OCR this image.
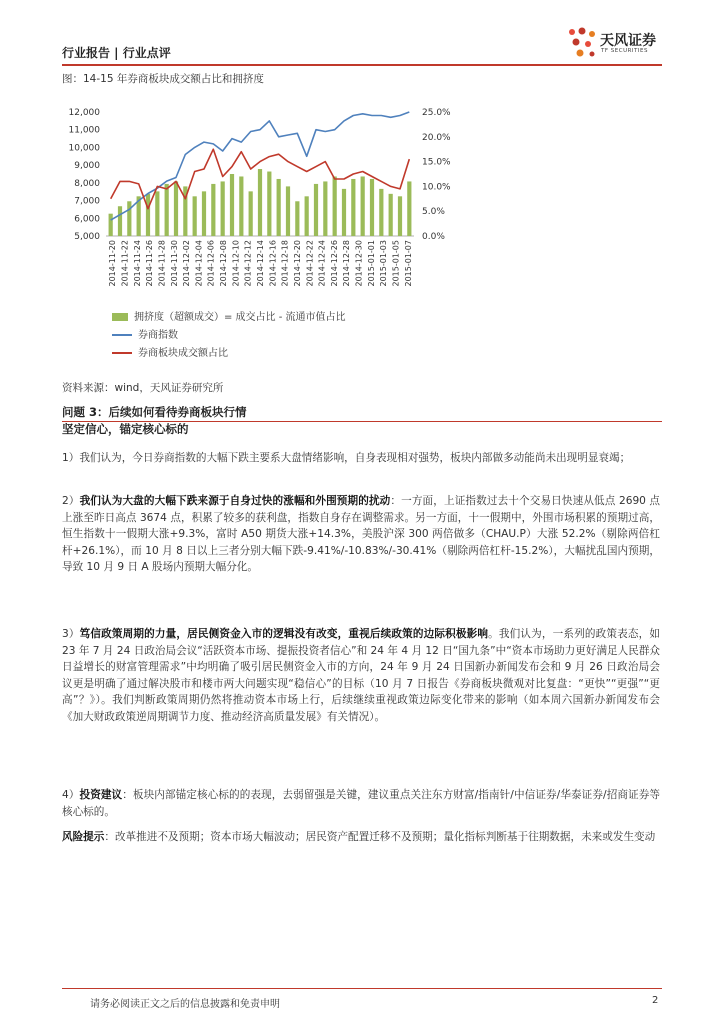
行业报告 | 行业点评
天风证券
TF SECURITIES
图：14-15 年券商板块成交额占比和拥挤度
5,000
6,000
7,000
8,000
9,000
10,000
11,000
12,000
0.0%
5.0%
10.0%
15.0%
20.0%
25.0%
2014-11-20 2014-11-22 2014-11-24 2014-11-26 2014-11-28 2014-11-30 2014-12-02 2014-12-04 2014-12-06 2014-12-08 2014-12-10 2014-12-12 2014-12-14 2014-12-16 2014-12-18 2014-12-20 2014-12-22 2014-12-24 2014-12-26 2014-12-28 2014-12-30 2015-01-01 2015-01-03 2015-01-05 2015-01-07
拥挤度（超额成交）= 成交占比 - 流通市值占比
券商指数
券商板块成交额占比
资料来源：wind，天风证券研究所
问题 3：后续如何看待券商板块行情
坚定信心，锚定核心标的
1）我们认为，今日券商指数的大幅下跌主要系大盘情绪影响，自身表现相对强势，板块内部做多动能尚未出现明显衰竭；
2）我们认为大盘的大幅下跌来源于自身过快的涨幅和外围预期的扰动：一方面，上证指数过去十个交易日快速从低点 2690 点上涨至昨日高点 3674 点，积累了较多的获利盘，指数自身存在调整需求。另一方面，十一假期中，外围市场积累的预期过高，恒生指数十一假期大涨+9.3%，富时 A50 期货大涨+14.3%，美股沪深 300 两倍做多（CHAU.P）大涨 52.2%（剔除两倍杠杆+26.1%），而 10 月 8 日以上三者分别大幅下跌-9.41%/-10.83%/-30.41%（剔除两倍杠杆-15.2%），大幅扰乱国内预期，导致 10 月 9 日 A 股场内预期大幅分化。
3）笃信政策周期的力量，居民侧资金入市的逻辑没有改变，重视后续政策的边际积极影响。我们认为，一系列的政策表态，如 23 年 7 月 24 日政治局会议“活跃资本市场、提振投资者信心”和 24 年 4 月 12 日“国九条”中“资本市场助力更好满足人民群众日益增长的财富管理需求”中均明确了吸引居民侧资金入市的方向，24 年 9 月 24 日国新办新闻发布会和 9 月 26 日政治局会议更是明确了通过解决股市和楼市两大问题实现“稳信心”的目标（10 月 7 日报告《券商板块微观对比复盘：“更快”“更强”“更高”？》）。我们判断政策周期仍然将推动资本市场上行，后续继续重视政策边际变化带来的影响（如本周六国新办新闻发布会《加大财政政策逆周期调节力度、推动经济高质量发展》有关情况）。
4）投资建议：板块内部锚定核心标的的表现，去弱留强是关键，建议重点关注东方财富/指南针/中信证券/华泰证券/招商证券等核心标的。
风险提示：改革推进不及预期；资本市场大幅波动；居民资产配置迁移不及预期；量化指标判断基于往期数据，未来或发生变动
请务必阅读正文之后的信息披露和免责申明	2
